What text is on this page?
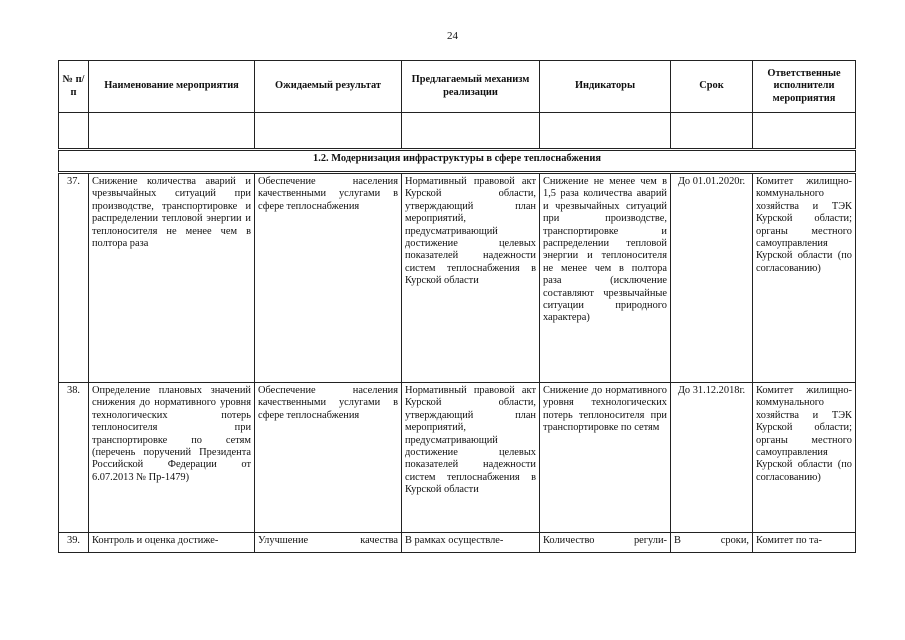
24
№ п/п	Наименование мероприятия	Ожидаемый результат	Предлагаемый механизм реализации	Индикаторы	Срок	Ответственные исполнители мероприятия

1.2. Модернизация инфраструктуры в сфере теплоснабжения						
37.	Снижение количества аварий и чрезвычайных ситуаций при производстве, транспортировке и распределении тепловой энергии и теплоносителя не менее чем в полтора раза	Обеспечение населения качественными услугами в сфере теплоснабжения	Нормативный правовой акт Курской области, утверждающий план мероприятий, предусматривающий достижение целевых показателей надежности систем теплоснабжения в Курской области	Снижение не менее чем в 1,5 раза количества аварий и чрезвычайных ситуаций при производстве, транспортировке и распределении тепловой энергии и теплоносителя не менее чем в полтора раза (исключение составляют чрезвычайные ситуации природного характера)	До 01.01.2020г.	Комитет жилищно-коммунального хозяйства и ТЭК Курской области; органы местного самоуправления Курской области (по согласованию)
38.	Определение плановых значений снижения до нормативного уровня технологических потерь теплоносителя при транспортировке по сетям (перечень поручений Президента Российской Федерации от 6.07.2013 № Пр-1479)	Обеспечение населения качественными услугами в сфере теплоснабжения	Нормативный правовой акт Курской области, утверждающий план мероприятий, предусматривающий достижение целевых показателей надежности систем теплоснабжения в Курской области	Снижение до нормативного уровня технологических потерь теплоносителя при транспортировке по сетям	До 31.12.2018г.	Комитет жилищно-коммунального хозяйства и ТЭК Курской области; органы местного самоуправления Курской области (по согласованию)
39.	Контроль и оценка достиже-	Улучшение качества	В рамках осуществле-	Количество регули-	В сроки,	Комитет по та-
